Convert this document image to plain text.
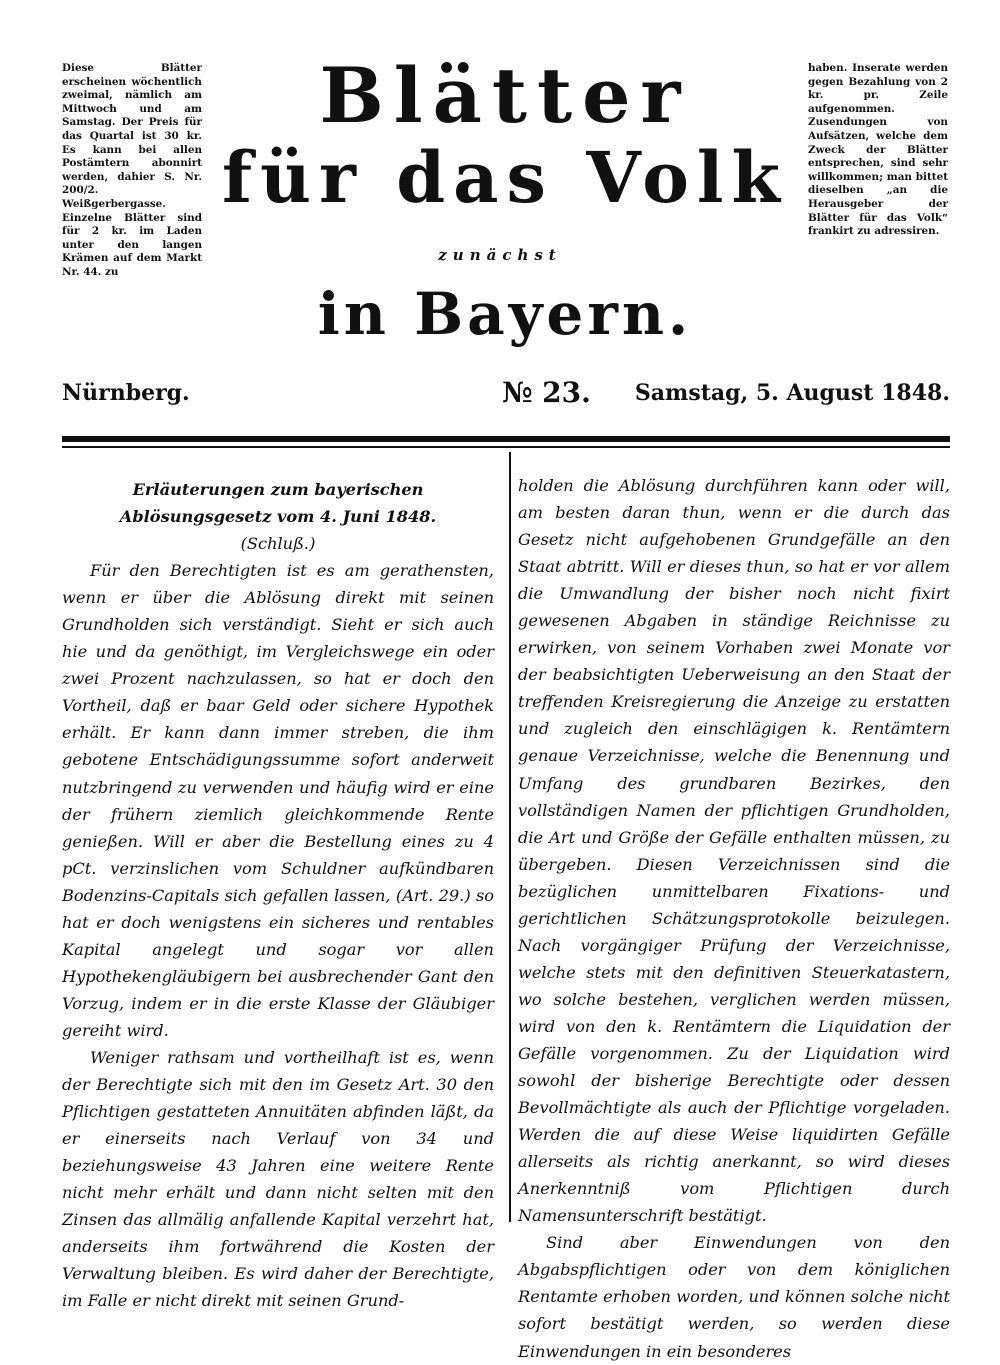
Diese Blätter erscheinen wöchentlich zweimal, nämlich am Mittwoch und am Samstag. Der Preis für das Quartal ist 30 kr. Es kann bei allen Postämtern abonnirt werden, dahier S. Nr. 200/2. Weißgerbergasse. Einzelne Blätter sind für 2 kr. im Laden unter den langen Krämen auf dem Markt Nr. 44. zu
haben. Inserate werden gegen Bezahlung von 2 kr. pr. Zeile aufgenommen. Zusendungen von Aufsätzen, welche dem Zweck der Blätter entsprechen, sind sehr willkommen; man bittet dieselben „an die Herausgeber der Blätter für das Volk“ frankirt zu adressiren.
Blätter
für das Volk
zunächst
in Bayern.
Nürnberg.	№ 23. Samstag, 5. August 1848.

Erläuterungen zum bayerischen Ablösungsgesetz vom 4. Juni 1848.

(Schluß.)

Für den Berechtigten ist es am gerathensten, wenn er über die Ablösung direkt mit seinen Grundholden sich verständigt. Sieht er sich auch hie und da genöthigt, im Vergleichswege ein oder zwei Prozent nachzulassen, so hat er doch den Vortheil, daß er baar Geld oder sichere Hypothek erhält. Er kann dann immer streben, die ihm gebotene Entschädigungssumme sofort anderweit nutzbringend zu verwenden und häufig wird er eine der frühern ziemlich gleichkommende Rente genießen. Will er aber die Bestellung eines zu 4 pCt. verzinslichen vom Schuldner aufkündbaren Bodenzins-Capitals sich gefallen lassen, (Art. 29.) so hat er doch wenigstens ein sicheres und rentables Kapital angelegt und sogar vor allen Hypothekengläubigern bei ausbrechender Gant den Vorzug, indem er in die erste Klasse der Gläubiger gereiht wird.

Weniger rathsam und vortheilhaft ist es, wenn der Berechtigte sich mit den im Gesetz Art. 30 den Pflichtigen gestatteten Annuitäten abfinden läßt, da er einerseits nach Verlauf von 34 und beziehungsweise 43 Jahren eine weitere Rente nicht mehr erhält und dann nicht selten mit den Zinsen das allmälig anfallende Kapital verzehrt hat, anderseits ihm fortwährend die Kosten der Verwaltung bleiben. Es wird daher der Berechtigte, im Falle er nicht direkt mit seinen Grund-

holden die Ablösung durchführen kann oder will, am besten daran thun, wenn er die durch das Gesetz nicht aufgehobenen Grundgefälle an den Staat abtritt. Will er dieses thun, so hat er vor allem die Umwandlung der bisher noch nicht fixirt gewesenen Abgaben in ständige Reichnisse zu erwirken, von seinem Vorhaben zwei Monate vor der beabsichtigten Ueberweisung an den Staat der treffenden Kreisregierung die Anzeige zu erstatten und zugleich den einschlägigen k. Rentämtern genaue Verzeichnisse, welche die Benennung und Umfang des grundbaren Bezirkes, den vollständigen Namen der pflichtigen Grundholden, die Art und Größe der Gefälle enthalten müssen, zu übergeben. Diesen Verzeichnissen sind die bezüglichen unmittelbaren Fixations- und gerichtlichen Schätzungsprotokolle beizulegen. Nach vorgängiger Prüfung der Verzeichnisse, welche stets mit den definitiven Steuerkatastern, wo solche bestehen, verglichen werden müssen, wird von den k. Rentämtern die Liquidation der Gefälle vorgenommen. Zu der Liquidation wird sowohl der bisherige Berechtigte oder dessen Bevollmächtigte als auch der Pflichtige vorgeladen. Werden die auf diese Weise liquidirten Gefälle allerseits als richtig anerkannt, so wird dieses Anerkenntniß vom Pflichtigen durch Namensunterschrift bestätigt.

Sind aber Einwendungen von den Abgabspflichtigen oder von dem königlichen Rentamte erhoben worden, und können solche nicht sofort bestätigt werden, so werden diese Einwendungen in ein besonderes
